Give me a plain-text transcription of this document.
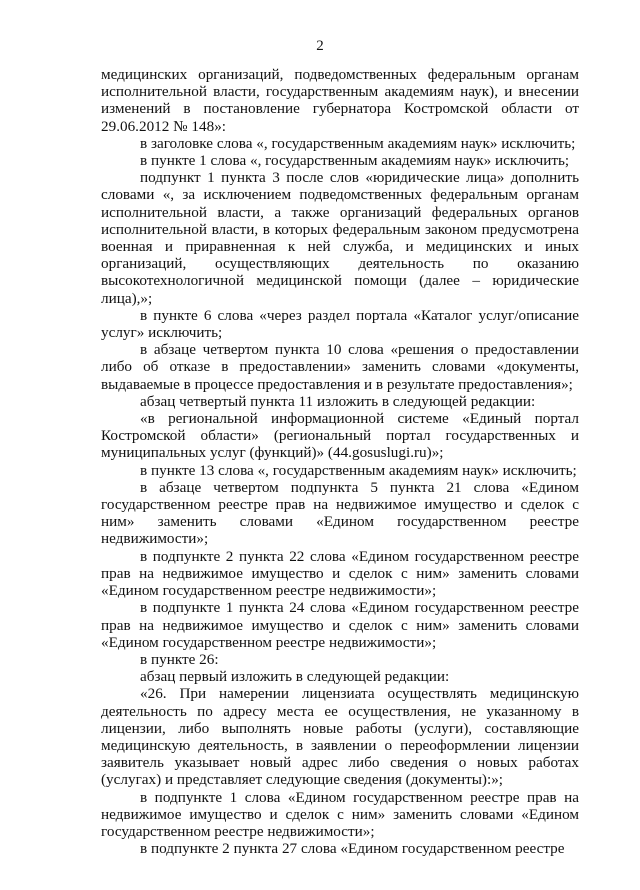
2

медицинских организаций, подведомственных федеральным органам исполнительной власти, государственным академиям наук), и внесении изменений в постановление губернатора Костромской области от 29.06.2012 № 148»:

в заголовке слова «, государственным академиям наук» исключить;

в пункте 1 слова «, государственным академиям наук» исключить;

подпункт 1 пункта 3 после слов «юридические лица» дополнить словами «, за исключением подведомственных федеральным органам исполнительной власти, а также организаций федеральных органов исполнительной власти, в которых федеральным законом предусмотрена военная и приравненная к ней служба, и медицинских и иных организаций, осуществляющих деятельность по оказанию высокотехнологичной медицинской помощи (далее – юридические лица),»;

в пункте 6 слова «через раздел портала «Каталог услуг/описание услуг» исключить;

в абзаце четвертом пункта 10 слова «решения о предоставлении либо об отказе в предоставлении» заменить словами «документы, выдаваемые в процессе предоставления и в результате предоставления»;

абзац четвертый пункта 11 изложить в следующей редакции:

«в региональной информационной системе «Единый портал Костромской области» (региональный портал государственных и муниципальных услуг (функций)» (44.gosuslugi.ru)»;

в пункте 13 слова «, государственным академиям наук» исключить;

в абзаце четвертом подпункта 5 пункта 21 слова «Едином государственном реестре прав на недвижимое имущество и сделок с ним» заменить словами «Едином государственном реестре недвижимости»;

в подпункте 2 пункта 22 слова «Едином государственном реестре прав на недвижимое имущество и сделок с ним» заменить словами «Едином государственном реестре недвижимости»;

в подпункте 1 пункта 24 слова «Едином государственном реестре прав на недвижимое имущество и сделок с ним» заменить словами «Едином государственном реестре недвижимости»;

в пункте 26:

абзац первый изложить в следующей редакции:

«26. При намерении лицензиата осуществлять медицинскую деятельность по адресу места ее осуществления, не указанному в лицензии, либо выполнять новые работы (услуги), составляющие медицинскую деятельность, в заявлении о переоформлении лицензии заявитель указывает новый адрес либо сведения о новых работах (услугах) и представляет следующие сведения (документы):»;

в подпункте 1 слова «Едином государственном реестре прав на недвижимое имущество и сделок с ним» заменить словами «Едином государственном реестре недвижимости»;

в подпункте 2 пункта 27 слова «Едином государственном реестре
